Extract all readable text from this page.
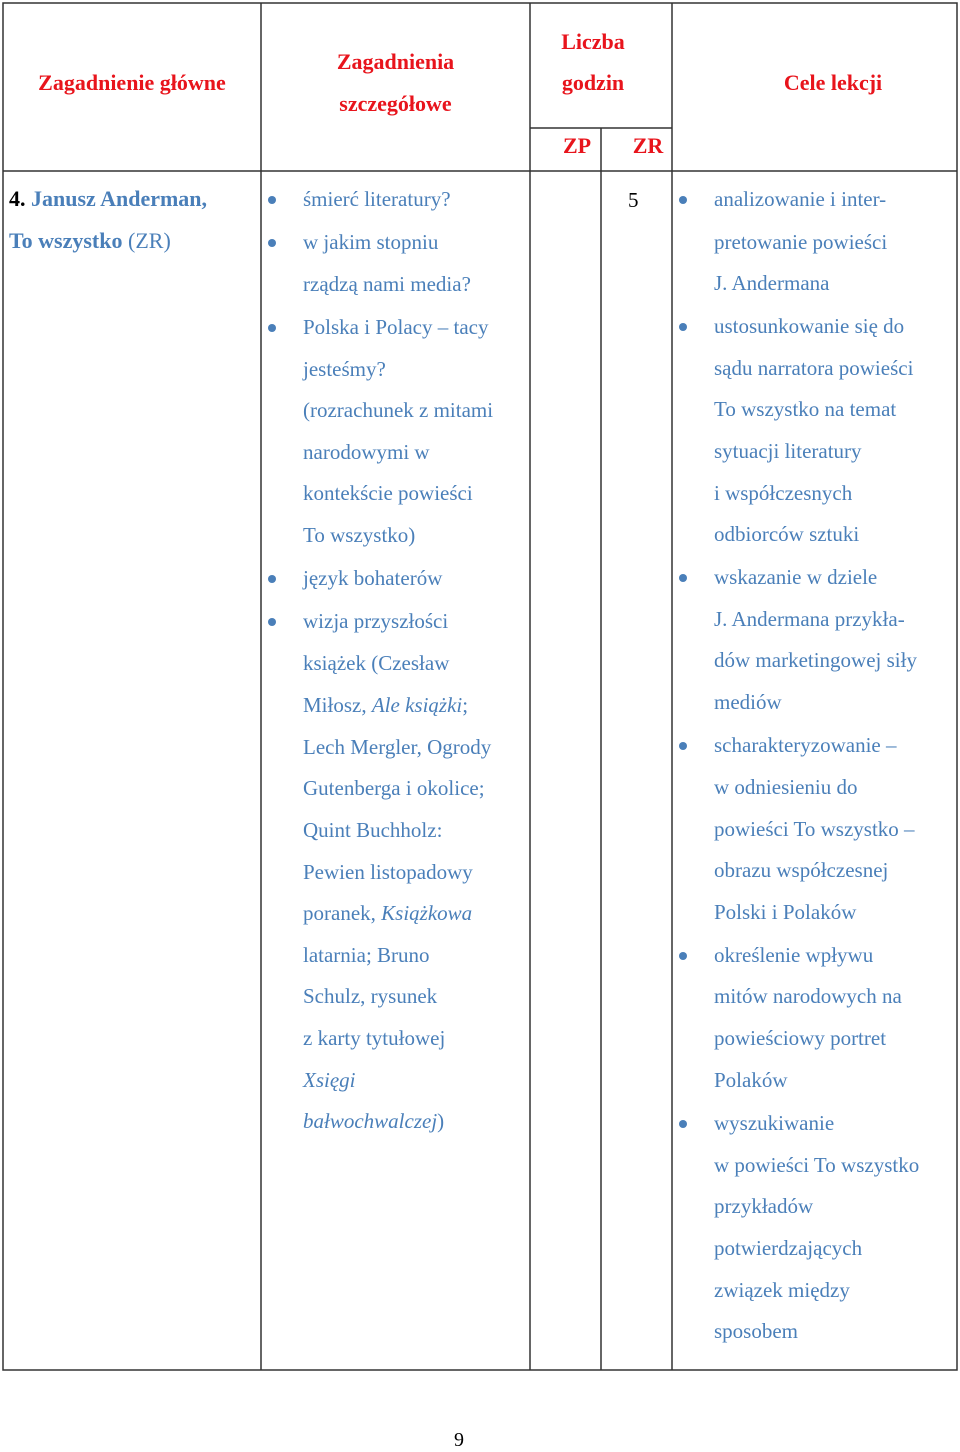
Zagadnienie główne
Zagadnienia
szczegółowe
Liczba
godzin
ZP	ZR
Cele lekcji
4. Janusz Anderman,
To wszystko (ZR)
5
śmierć literatury?
w jakim stopniu
rządzą nami media?
Polska i Polacy – tacy
jesteśmy?
(rozrachunek z mitami
narodowymi w
kontekście powieści
To wszystko)
język bohaterów
wizja przyszłości
książek (Czesław
Miłosz, Ale książki;
Lech Mergler, Ogrody
Gutenberga i okolice;
Quint Buchholz:
Pewien listopadowy
poranek, Książkowa
latarnia; Bruno
Schulz, rysunek
z karty tytułowej
Xsięgi
bałwochwalczej)
analizowanie i inter-
pretowanie powieści
J. Andermana
ustosunkowanie się do
sądu narratora powieści
To wszystko na temat
sytuacji literatury
i współczesnych
odbiorców sztuki
wskazanie w dziele
J. Andermana przykła-
dów marketingowej siły
mediów
scharakteryzowanie –
w odniesieniu do
powieści To wszystko –
obrazu współczesnej
Polski i Polaków
określenie wpływu
mitów narodowych na
powieściowy portret
Polaków
wyszukiwanie
w powieści To wszystko
przykładów
potwierdzających
związek między
sposobem
9
